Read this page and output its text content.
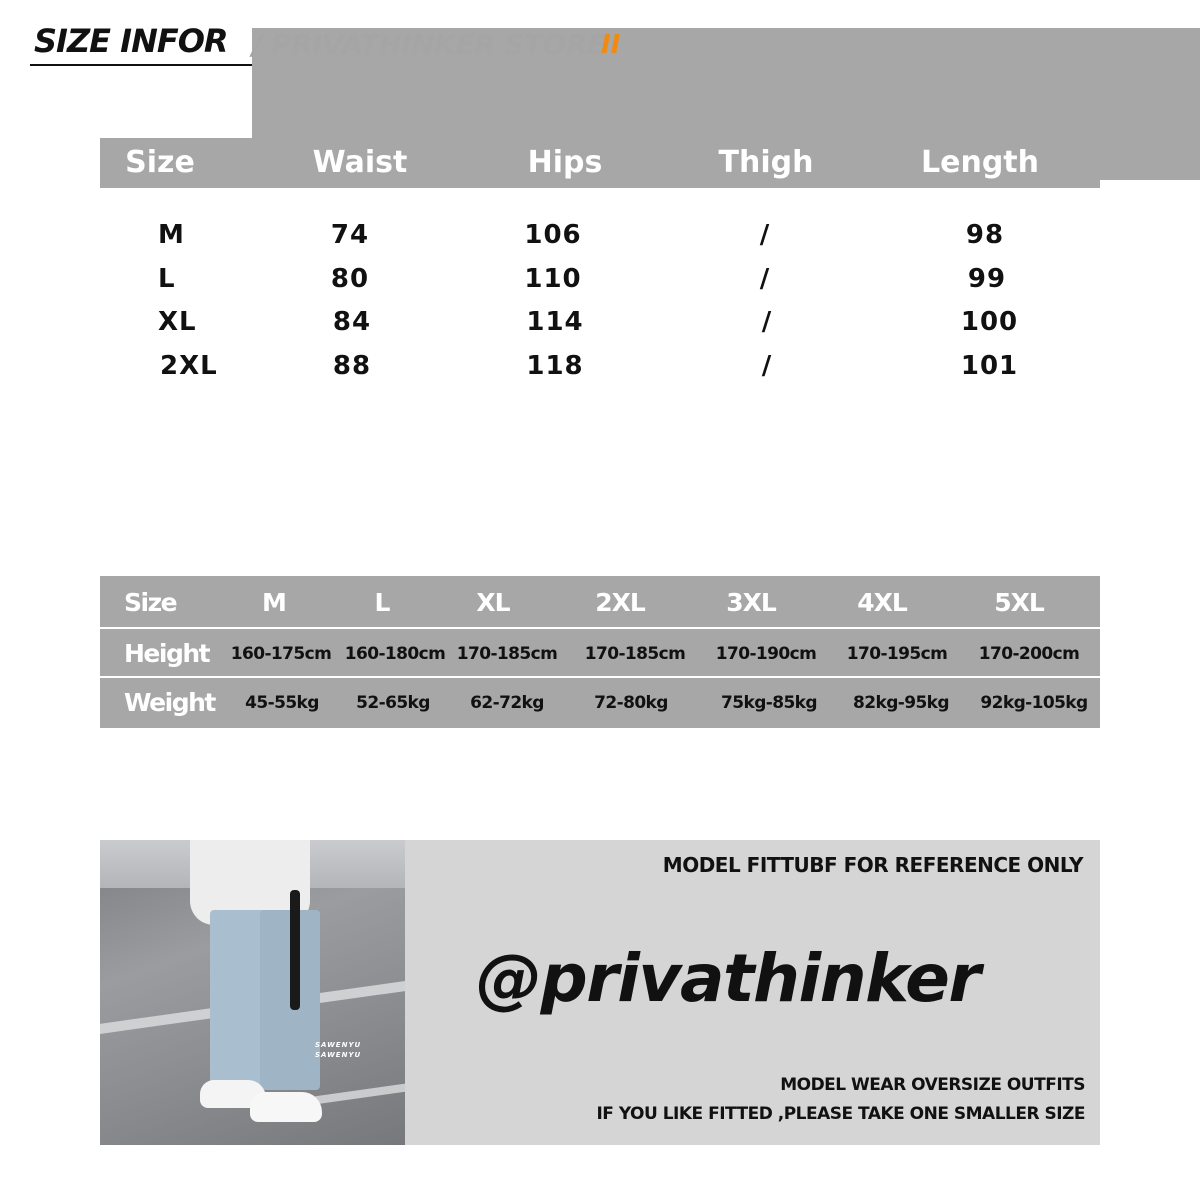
SIZE INFOR / PRIVATHINKER STORE
II
Size	Waist	Hips	Thigh	Length
M	74	106	/	98
L	80	110	/	99
XL	84	114	/	100
2XL	88	118	/	101
Size	M	L	XL	2XL	3XL	4XL	5XL
Height	160-175cm 160-180cm 170-185cm 170-185cm 170-190cm 170-195cm 170-200cm
Weight	45-55kg	52-65kg	62-72kg	72-80kg	75kg-85kg	82kg-95kg	92kg-105kg
SAWENYU
SAWENYU
MODEL FITTUBF FOR REFERENCE ONLY
@privathinker
MODEL WEAR OVERSIZE OUTFITS
IF YOU LIKE FITTED ,PLEASE TAKE ONE SMALLER SIZE
